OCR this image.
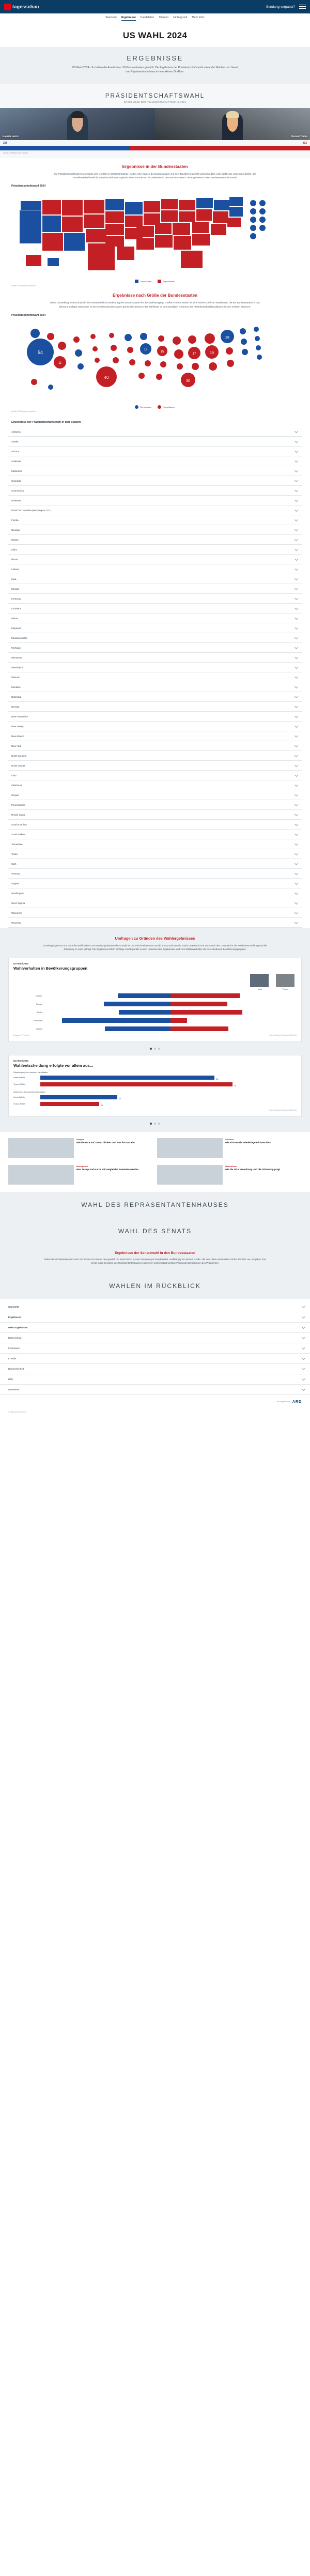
tagesschau	Sendung verpasst?
Startseite Ergebnisse Kandidaten Themen Hintergrund Mehr Infos
US WAHL 2024
ERGEBNISSE
US-Wahl 2024 - So haben die Amerikaner US-Bundesstaaten gewählt: Die Ergebnisse der Präsidentschaftswahl sowie der Wahlen zum Senat und Repräsentantenhaus im interaktiven Grafiken.
PRÄSIDENTSCHAFTSWAHL
ERGEBNISSE DER PRÄSIDENTSCHAFTSWAHL 2024
Kamala Harris	Donald Trump
226	312
Quelle: AP/News.com election
Ergebnisse in der Bundesstaaten

Die Präsidentschaftswahl entscheidet sich letztlich im Electoral College. In den USA wählen die Bundesstaaten mit ihrer Bevölkerungszahl unterschiedlich viele Wahlleute entsenden dürfen. Die Präsidentschaftswahl ist damit letztlich das Ergebnis einer Summe von Einzelwahlen in den Bundesstaaten. Die Ergebnisse in den Bundesstaaten im Detail:

Präsidentschaftswahl 2024
Demokraten	Republikaner
Quelle: AP/News.com election
Ergebnisse nach Größe der Bundesstaaten

Diese Darstellung veranschaulicht die unterschiedliche Bedeutung der Bundesstaaten für den Wahlausgang. Größere Kreise stehen für eine höhere Zahl von Wahlleuten, die der Bundesstaaten in das Electoral College entsenden. In den meisten Bundesstaaten gehen alle Stimmen der Wahlleute an den jeweiligen Gewinner der Präsidentschaftskandidaten mit den meisten Stimmen.

Präsidentschaftswahl 2024
54
11
40
19
15
17
30
19
28
Demokraten	Republikaner
Quelle: AP/News.com election
Ergebnisse der Präsidentschaftswahl in den Staaten
Alabama
Alaska
Arizona
Arkansas
Kalifornien
Colorado
Connecticut
Delaware
District of Columbia (Washington D.C.)
Florida
Georgia
Hawaii
Idaho
Illinois
Indiana
Iowa
Kansas
Kentucky
Louisiana
Maine
Maryland
Massachusetts
Michigan
Minnesota
Mississippi
Missouri
Montana
Nebraska
Nevada
New Hampshire
New Jersey
New Mexico
New York
North Carolina
North Dakota
Ohio
Oklahoma
Oregon
Pennsylvania
Rhode Island
South Carolina
South Dakota
Tennessee
Texas
Utah
Vermont
Virginia
Washington
West Virginia
Wisconsin
Wyoming
Umfragen zu Gründen des Wahlergebnisses
In Befragungen vor und nach der Wahl haben US-Forschungsinstitute die Gründe für das Abschneiden von Donald Trump und Kamala Harris untersucht und auch nach den Gründen für die Wählerentscheidung und die Stimmung im Land gefragt. Die Ergebnisse liefern wichtige Anhaltspunkte zu den Ursachen des Ergebnisses und zum Wählerverhalten der verschiedenen Bevölkerungsgruppen.
US-Wahl 2024
Wahlverhalten in Bevölkerungsgruppen
Harris	Trump
Männer
42	55
Frauen
53	45
Weiße
41	57
Schwarze
86	13
Latinos
52	46
Angaben in Prozent	Quelle: Edison Research / Exit Poll
US-Wahl 2024
Wahlentscheidung erfolgte vor allem aus...
Überzeugung von meinem Kandidaten
Harris-Wähler
68
Trump-Wähler
75
Ablehnung des anderen Kandidaten
Harris-Wähler
30
Trump-Wähler
23
Quelle: Edison Research / Exit Poll
Analyse
Wie die USA auf Trump blicken und was ihn antreibt
Interview
Wie sich Harris' Niederlage erklären lässt
Hintergrund
Was Trump und Harris mit vergleich? Bewerten werden
Faktenfinder
Wie die USA Verwaltung und die Stimmung prägt
WAHL DES REPRÄSENTANTENHAUSES
WAHL DES SENATS
Ergebnisse der Senatswahl in den Bundesstaaten

Neben dem Präsidenten wird auch ein Teil des US-Senats neu gewählt. Im Senat sitzen je zwei Senatoren pro Bundesstaat, unabhängig von dessen Größe. Alle zwei Jahre wird rund ein Drittel der Sitze neu vergeben. Der Senat muss Gesetzen des Repräsentantenhauses zustimmen und bestätigt wichtige Personalentscheidungen des Präsidenten.

WAHLEN IM RÜCKBLICK
Startseite
Ergebnisse
Mehr Ergebnisse
Datenschutz
Impressum
Kontakt
Barrierefreiheit
Hilfe
Newsletter
ein Angebot von ARD
© tagesschau.de 2024
